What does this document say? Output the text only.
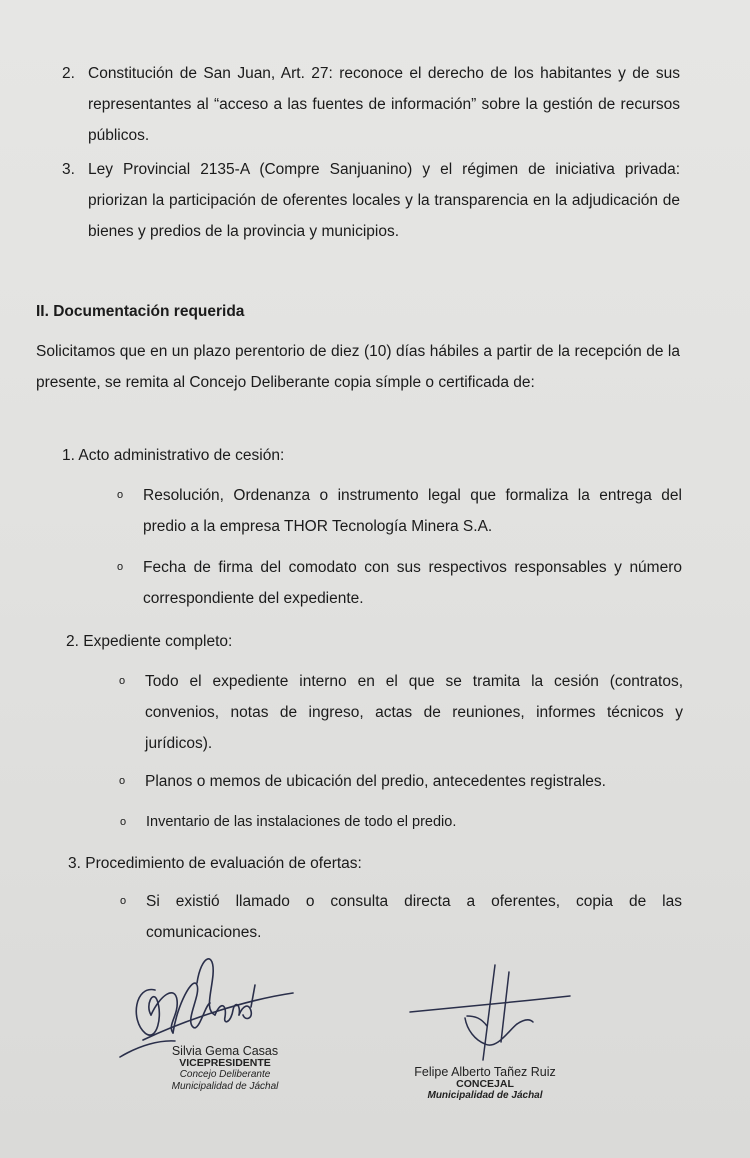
2. Constitución de San Juan, Art. 27: reconoce el derecho de los habitantes y de sus representantes al “acceso a las fuentes de información” sobre la gestión de recursos públicos.

3. Ley Provincial 2135-A (Compre Sanjuanino) y el régimen de iniciativa privada: priorizan la participación de oferentes locales y la transparencia en la adjudicación de bienes y predios de la provincia y municipios.

II. Documentación requerida
Solicitamos que en un plazo perentorio de diez (10) días hábiles a partir de la recepción de la presente, se remita al Concejo Deliberante copia símple o certificada de:
1. Acto administrativo de cesión:
o Resolución, Ordenanza o instrumento legal que formaliza la entrega del predio a la empresa THOR Tecnología Minera S.A.

o Fecha de firma del comodato con sus respectivos responsables y número correspondiente del expediente.

2. Expediente completo:
o Todo el expediente interno en el que se tramita la cesión (contratos, convenios, notas de ingreso, actas de reuniones, informes técnicos y jurídicos).

o Planos o memos de ubicación del predio, antecedentes registrales.

o Inventario de las instalaciones de todo el predio.

3. Procedimiento de evaluación de ofertas:
o Si existió llamado o consulta directa a oferentes, copia de las comunicaciones.

Silvia Gema Casas
VICEPRESIDENTE
Concejo Deliberante
Municipalidad de Jáchal
Felipe Alberto Tañez Ruiz
CONCEJAL
Municipalidad de Jáchal
